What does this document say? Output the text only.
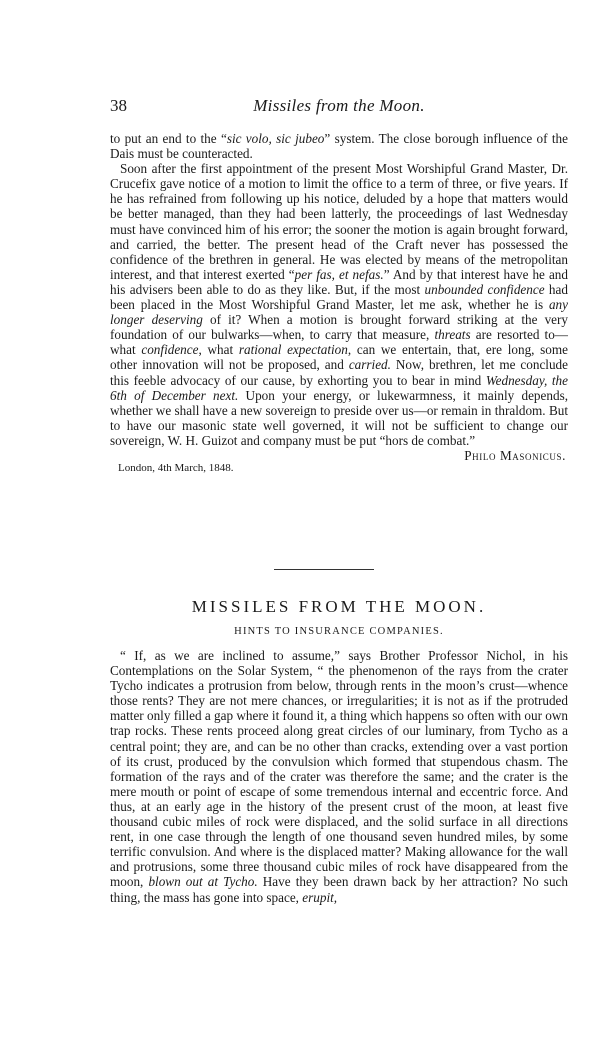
38	Missiles from the Moon.

to put an end to the “sic volo, sic jubeo” system. The close borough influence of the Dais must be counteracted.

Soon after the first appointment of the present Most Worshipful Grand Master, Dr. Crucefix gave notice of a motion to limit the office to a term of three, or five years. If he has refrained from following up his notice, deluded by a hope that matters would be better managed, than they had been latterly, the proceedings of last Wednesday must have convinced him of his error; the sooner the motion is again brought forward, and carried, the better. The present head of the Craft never has possessed the confidence of the brethren in general. He was elected by means of the metropolitan interest, and that interest exerted “per fas, et nefas.” And by that interest have he and his advisers been able to do as they like. But, if the most unbounded confidence had been placed in the Most Worshipful Grand Master, let me ask, whether he is any longer deserving of it? When a motion is brought forward striking at the very foundation of our bulwarks—when, to carry that measure, threats are resorted to—what confidence, what rational expectation, can we entertain, that, ere long, some other innovation will not be proposed, and carried. Now, brethren, let me conclude this feeble advocacy of our cause, by exhorting you to bear in mind Wednesday, the 6th of December next. Upon your energy, or lukewarmness, it mainly depends, whether we shall have a new sovereign to preside over us—or remain in thraldom. But to have our masonic state well governed, it will not be sufficient to change our sovereign, W. H. Guizot and company must be put “hors de combat.”

Philo Masonicus.
London, 4th March, 1848.
MISSILES FROM THE MOON.
HINTS TO INSURANCE COMPANIES.

“ If, as we are inclined to assume,” says Brother Professor Nichol, in his Contemplations on the Solar System, “ the phenomenon of the rays from the crater Tycho indicates a protrusion from below, through rents in the moon’s crust—whence those rents? They are not mere chances, or irregularities; it is not as if the protruded matter only filled a gap where it found it, a thing which happens so often with our own trap rocks. These rents proceed along great circles of our luminary, from Tycho as a central point; they are, and can be no other than cracks, extending over a vast portion of its crust, produced by the convulsion which formed that stupendous chasm. The formation of the rays and of the crater was therefore the same; and the crater is the mere mouth or point of escape of some tremendous internal and eccentric force. And thus, at an early age in the history of the present crust of the moon, at least five thousand cubic miles of rock were displaced, and the solid surface in all directions rent, in one case through the length of one thousand seven hundred miles, by some terrific convulsion. And where is the displaced matter? Making allowance for the wall and protrusions, some three thousand cubic miles of rock have disappeared from the moon, blown out at Tycho. Have they been drawn back by her attraction? No such thing, the mass has gone into space, erupit,
